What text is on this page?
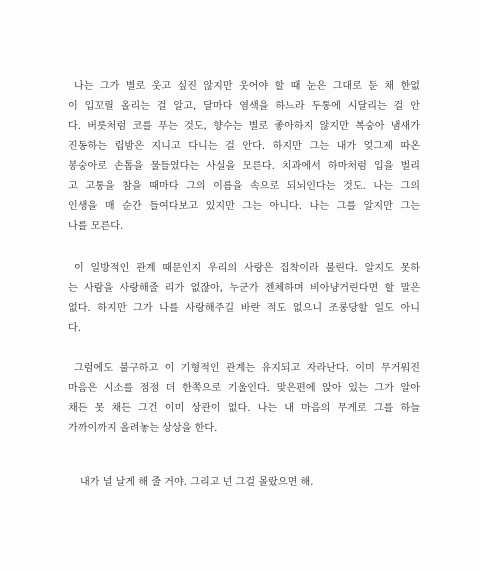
나는 그가 별로 웃고 싶진 않지만 웃어야 할 때 눈은 그대로 둔 채 한없

이 입꼬릴 올리는 걸 알고, 달마다 염색을 하느라 두통에 시달리는 걸 안

다. 버릇처럼 코를 푸는 것도, 향수는 별로 좋아하지 않지만 복숭아 냄새가

진동하는 립밤은 지니고 다니는 걸 안다. 하지만 그는 내가 엊그제 따온

봉숭아로 손톱을 물들였다는 사실을 모른다. 치과에서 하마처럼 입을 벌리

고 고통을 참을 때마다 그의 이름을 속으로 되뇌인다는 것도. 나는 그의

인생을 매 순간 들여다보고 있지만 그는 아니다. 나는 그를 알지만 그는

나를 모른다.

이 일방적인 관계 때문인지 우리의 사랑은 집착이라 불린다. 알지도 못하

는 사람을 사랑해줄 리가 없잖아, 누군가 젠체하며 비아냥거린다면 할 말은

없다. 하지만 그가 나를 사랑해주길 바란 적도 없으니 조롱당할 일도 아니

다.

그럼에도 불구하고 이 기형적인 관계는 유지되고 자라난다. 이미 무거워진

마음은 시소를 점점 더 한쪽으로 기울인다. 맞은편에 앉아 있는 그가 알아

채든 못 채든 그건 이미 상관이 없다. 나는 내 마음의 무게로 그를 하늘

가까이까지 올려놓는 상상을 한다.

내가 널 날게 해 줄 거야. 그리고 넌 그걸 몰랐으면 해.
